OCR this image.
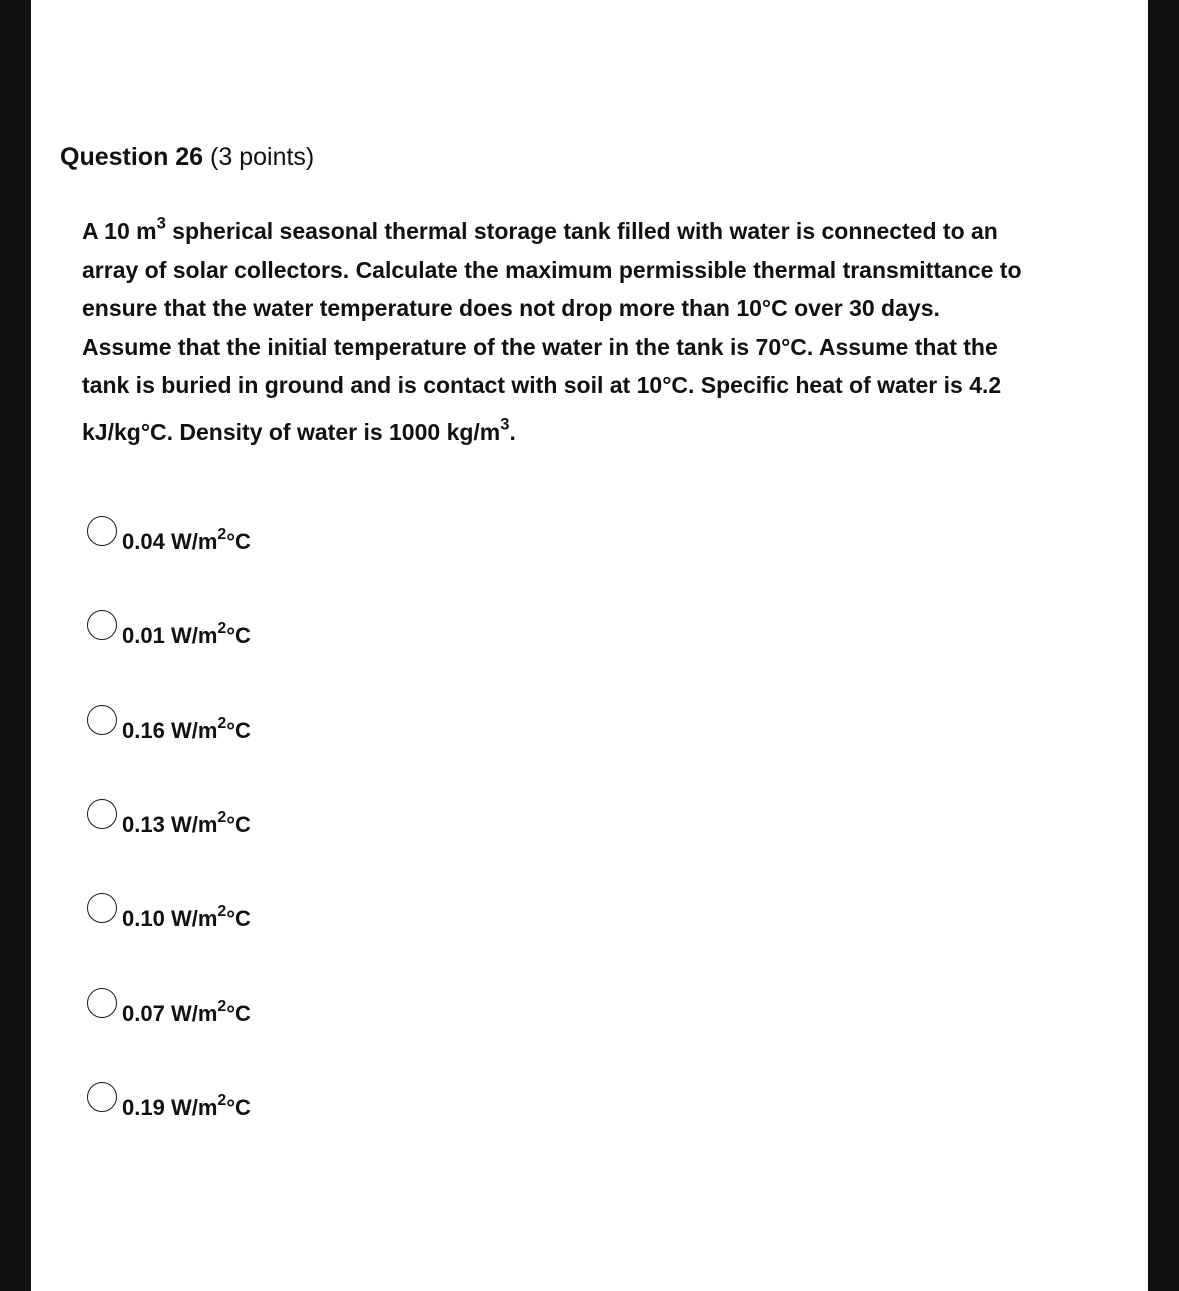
Question 26 (3 points)
A 10 $m^3$ spherical seasonal thermal storage tank filled with water is connected to an
array of solar collectors. Calculate the maximum permissible thermal transmittance to
ensure that the water temperature does not drop more than 10°C over 30 days.
Assume that the initial temperature of the water in the tank is 70°C. Assume that the
tank is buried in ground and is contact with soil at 10°C. Specific heat of water is 4.2
kJ/kg°C. Density of water is 1000 $kg/m^3$.
0.04 $W/m^2^\circ C$
0.01 $W/m^2^\circ C$
0.16 $W/m^2^\circ C$
0.13 $W/m^2^\circ C$
0.10 $W/m^2^\circ C$
0.07 $W/m^2^\circ C$
0.19 $W/m^2^\circ C$
